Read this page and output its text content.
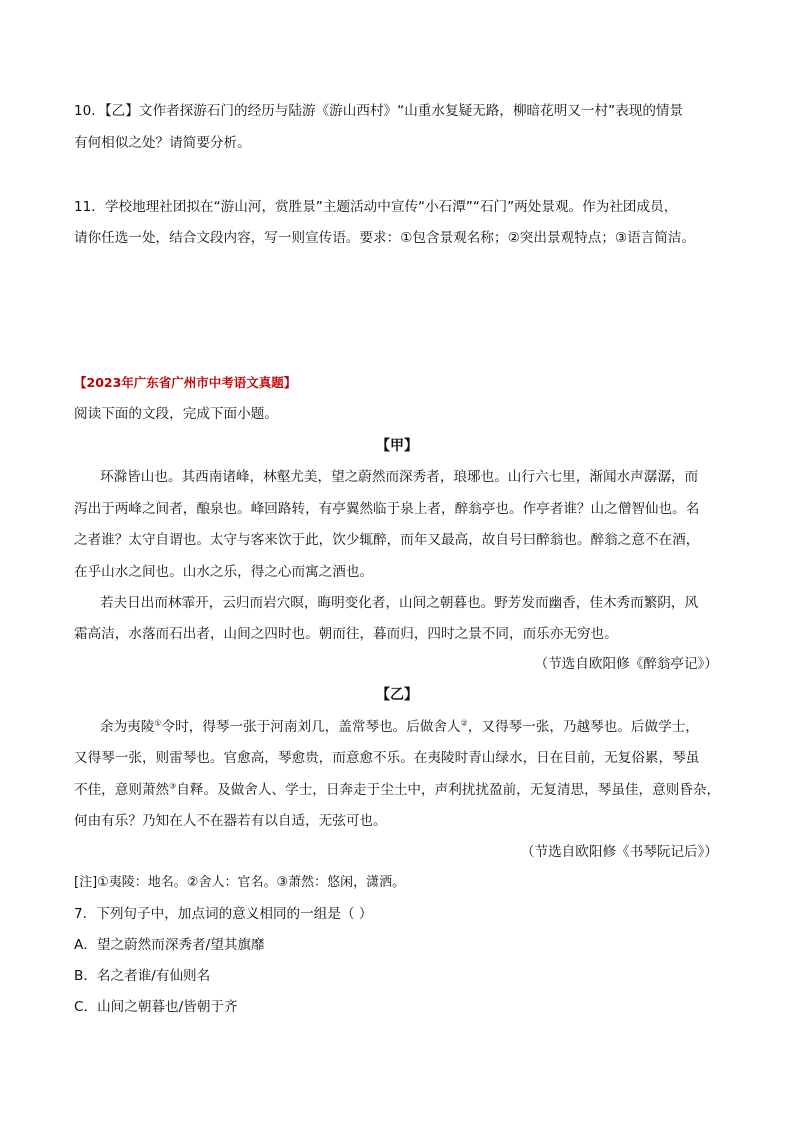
10．【乙】文作者探游石门的经历与陆游《游山西村》“山重水复疑无路，柳暗花明又一村”表现的情景
有何相似之处？请简要分析。
11．学校地理社团拟在“游山河，赏胜景”主题活动中宣传“小石潭”“石门”两处景观。作为社团成员，
请你任选一处，结合文段内容，写一则宣传语。要求：①包含景观名称；②突出景观特点；③语言简洁。
【2023年广东省广州市中考语文真题】
阅读下面的文段，完成下面小题。
【甲】
环滁皆山也。其西南诸峰，林壑尤美，望之蔚然而深秀者，琅琊也。山行六七里，渐闻水声潺潺，而
泻出于两峰之间者，酿泉也。峰回路转，有亭翼然临于泉上者，醉翁亭也。作亭者谁？山之僧智仙也。名
之者谁？太守自谓也。太守与客来饮于此，饮少辄醉，而年又最高，故自号曰醉翁也。醉翁之意不在酒，
在乎山水之间也。山水之乐，得之心而寓之酒也。
若夫日出而林霏开，云归而岩穴暝，晦明变化者，山间之朝暮也。野芳发而幽香，佳木秀而繁阴，风
霜高洁，水落而石出者，山间之四时也。朝而往，暮而归，四时之景不同，而乐亦无穷也。
（节选自欧阳修《醉翁亭记》）
【乙】
余为夷陵①令时，得琴一张于河南刘几，盖常琴也。后做舍人②，又得琴一张，乃越琴也。后做学士，
又得琴一张，则雷琴也。官愈高，琴愈贵，而意愈不乐。在夷陵时青山绿水，日在目前，无复俗累，琴虽
不佳，意则萧然③自释。及做舍人、学士，日奔走于尘土中，声利扰扰盈前，无复清思，琴虽佳，意则昏杂，
何由有乐？乃知在人不在器若有以自适，无弦可也。
（节选自欧阳修《书琴阮记后》）
[注]①夷陵：地名。②舍人：官名。③萧然：悠闲，潇洒。
7．下列句子中，加点词的意义相同的一组是（ ）
A．望之蔚然而深秀者/望其旗靡
B．名之者谁/有仙则名
C．山间之朝暮也/皆朝于齐
